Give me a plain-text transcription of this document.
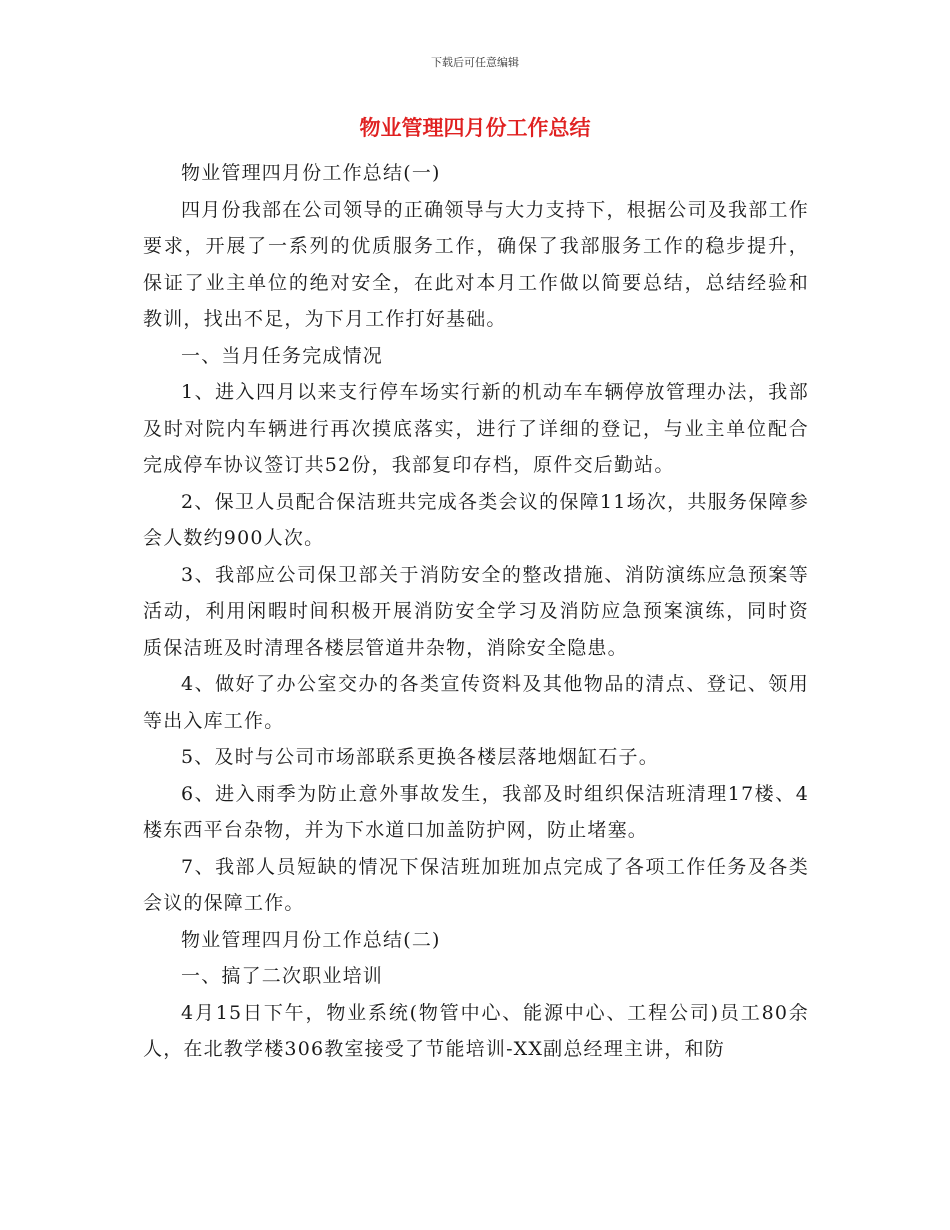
下载后可任意编辑
物业管理四月份工作总结

物业管理四月份工作总结(一)

四月份我部在公司领导的正确领导与大力支持下，根据公司及我部工作要求，开展了一系列的优质服务工作，确保了我部服务工作的稳步提升，保证了业主单位的绝对安全，在此对本月工作做以简要总结，总结经验和教训，找出不足，为下月工作打好基础。

一、当月任务完成情况

1、进入四月以来支行停车场实行新的机动车车辆停放管理办法，我部及时对院内车辆进行再次摸底落实，进行了详细的登记，与业主单位配合完成停车协议签订共52份，我部复印存档，原件交后勤站。

2、保卫人员配合保洁班共完成各类会议的保障11场次，共服务保障参会人数约900人次。

3、我部应公司保卫部关于消防安全的整改措施、消防演练应急预案等活动，利用闲暇时间积极开展消防安全学习及消防应急预案演练，同时资质保洁班及时清理各楼层管道井杂物，消除安全隐患。

4、做好了办公室交办的各类宣传资料及其他物品的清点、登记、领用等出入库工作。

5、及时与公司市场部联系更换各楼层落地烟缸石子。

6、进入雨季为防止意外事故发生，我部及时组织保洁班清理17楼、4楼东西平台杂物，并为下水道口加盖防护网，防止堵塞。

7、我部人员短缺的情况下保洁班加班加点完成了各项工作任务及各类会议的保障工作。

物业管理四月份工作总结(二)

一、搞了二次职业培训

4月15日下午，物业系统(物管中心、能源中心、工程公司)员工80余人，在北教学楼306教室接受了节能培训-XX副总经理主讲，和防
